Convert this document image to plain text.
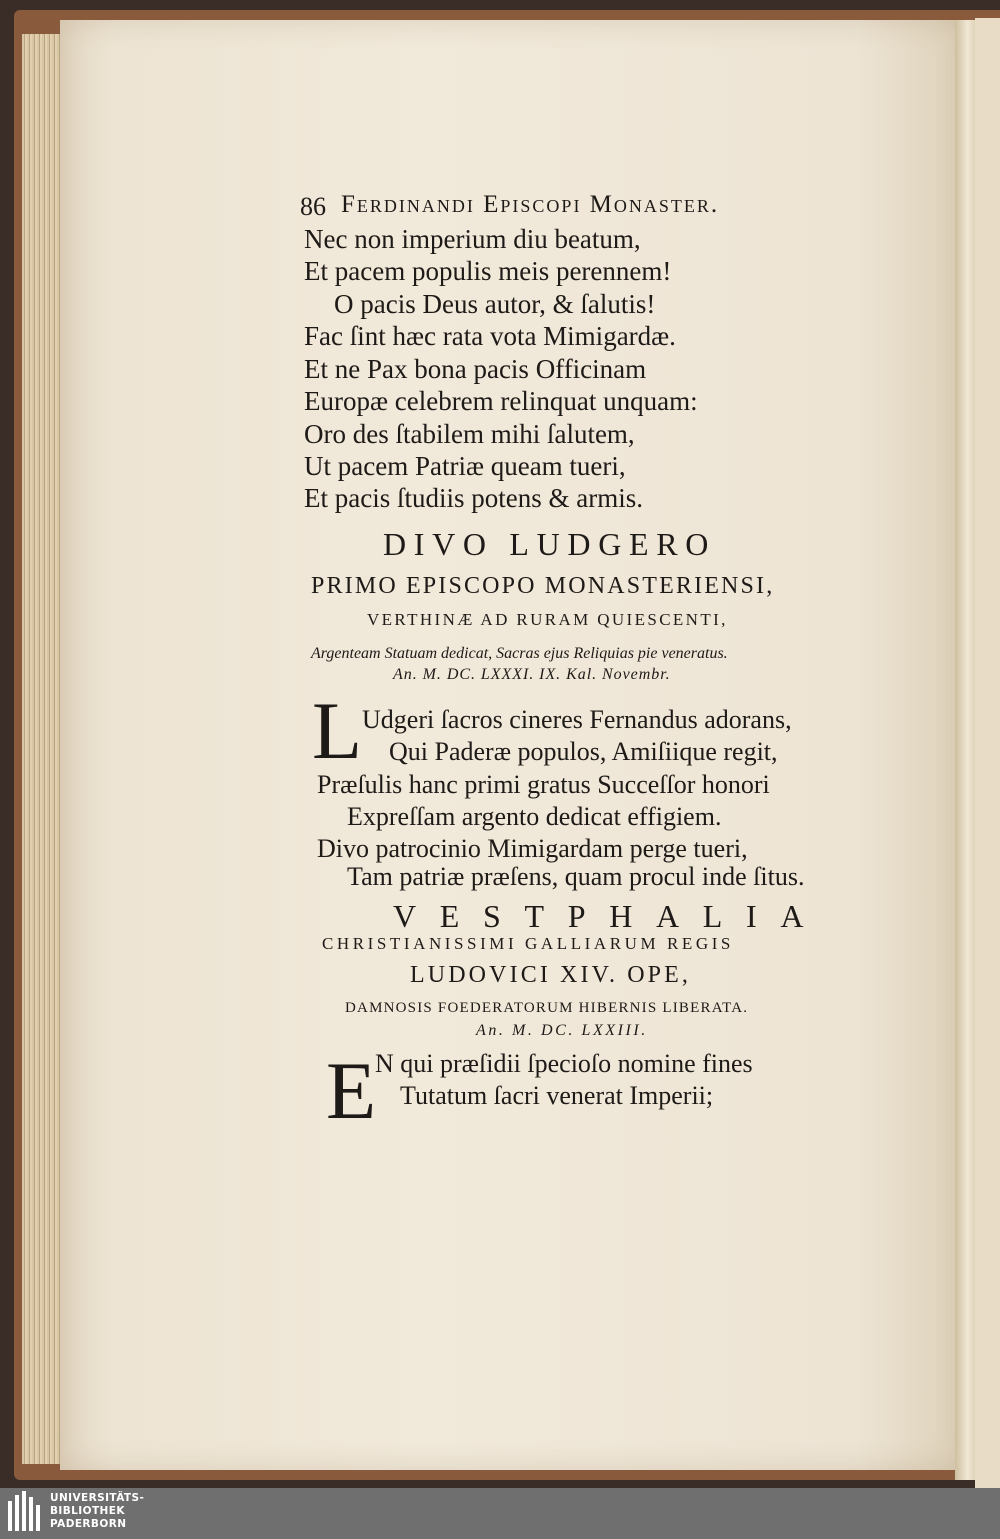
86 Ferdinandi Episcopi Monaster.
Nec non imperium diu beatum,
Et pacem populis meis perennem!
O pacis Deus autor, & ſalutis!
Fac ſint hæc rata vota Mimigardæ.
Et ne Pax bona pacis Officinam
Europæ celebrem relinquat unquam:
Oro des ſtabilem mihi ſalutem,
Ut pacem Patriæ queam tueri,
Et pacis ſtudiis potens & armis.
DIVO LUDGERO
PRIMO EPISCOPO MONASTERIENSI,
VERTHINÆ AD RURAM QUIESCENTI,
Argenteam Statuam dedicat, Sacras ejus Reliquias pie veneratus.
An. M. DC. LXXXI. IX. Kal. Novembr.
L Udgeri ſacros cineres Fernandus adorans,
Qui Paderæ populos, Amiſiique regit,
Præſulis hanc primi gratus Succeſſor honori
Expreſſam argento dedicat effigiem.
Divo patrocinio Mimigardam perge tueri,
Tam patriæ præſens, quam procul inde ſitus.
VESTPHALIA
CHRISTIANISSIMI GALLIARUM REGIS
LUDOVICI XIV. OPE,
DAMNOSIS FOEDERATORUM HIBERNIS LIBERATA.
An. M. DC. LXXIII.
E
N qui præſidii ſpecioſo nomine fines
Tutatum ſacri venerat Imperii;
UNIVERSITÄTS-
BIBLIOTHEK
PADERBORN
